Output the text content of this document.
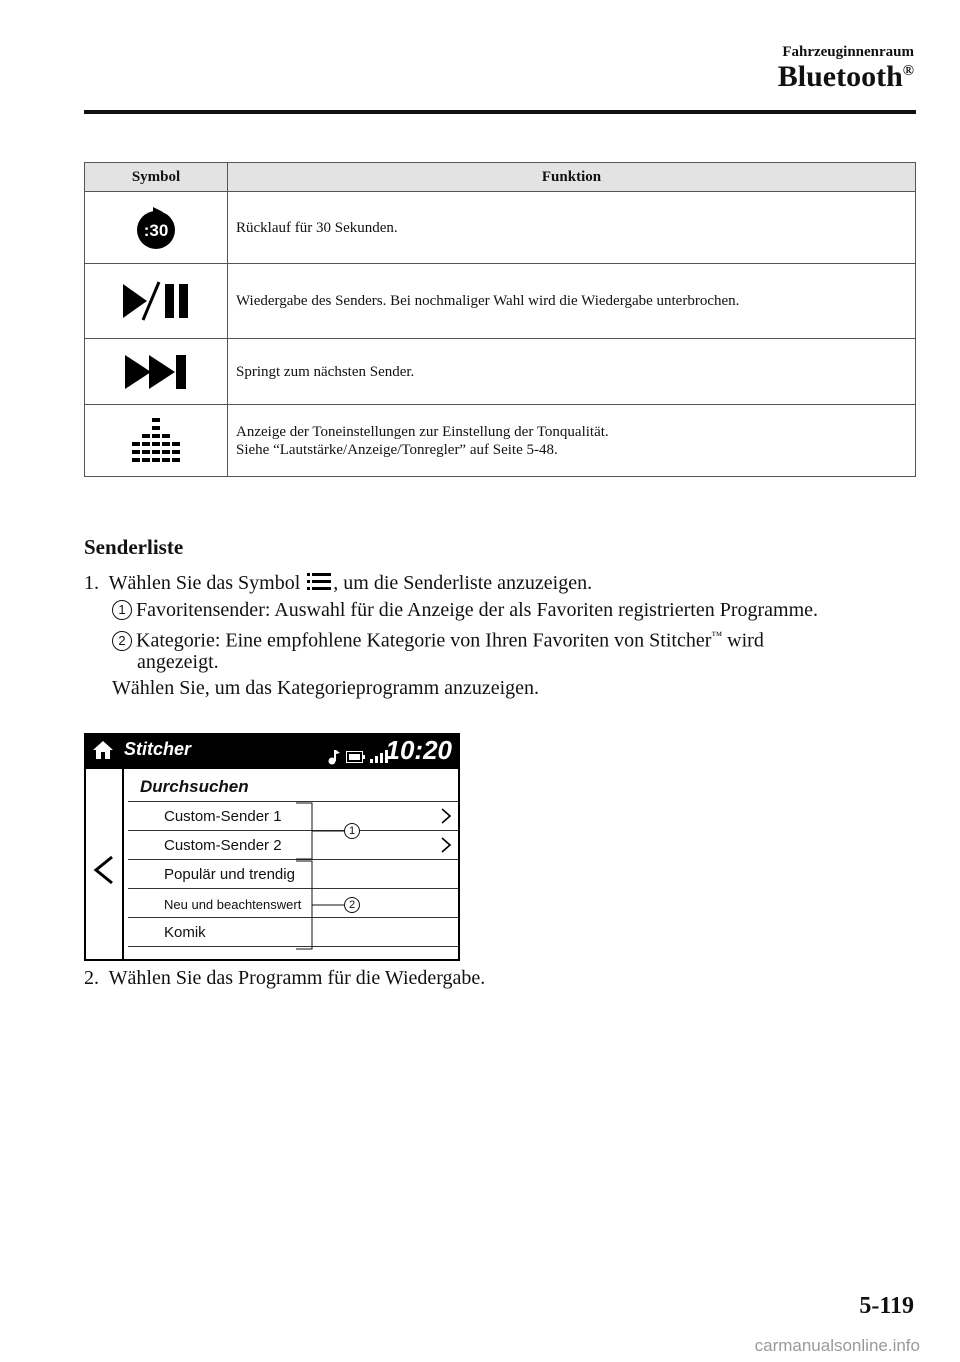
Fahrzeuginnenraum
Bluetooth®
Symbol	Funktion

:30	Rücklauf für 30 Sekunden.

Wiedergabe des Senders. Bei nochmaliger Wahl wird die Wiedergabe unterbrochen.

Springt zum nächsten Sender.

Anzeige der Toneinstellungen zur Einstellung der Tonqualität.
Siehe “Lautstärke/Anzeige/Tonregler” auf Seite 5-48.
Senderliste
1. Wählen Sie das Symbol , um die Senderliste anzuzeigen.
1 Favoritensender: Auswahl für die Anzeige der als Favoriten registrierten Programme.
2 Kategorie: Eine empfohlene Kategorie von Ihren Favoriten von Stitcher™ wird
angezeigt.
Wählen Sie, um das Kategorieprogramm anzuzeigen.
Stitcher	10:20
Durchsuchen
Custom-Sender 1
Custom-Sender 2
Populär und trendig
Neu und beachtenswert
Komik
1
2
2. Wählen Sie das Programm für die Wiedergabe.
5-119
carmanualsonline.info
